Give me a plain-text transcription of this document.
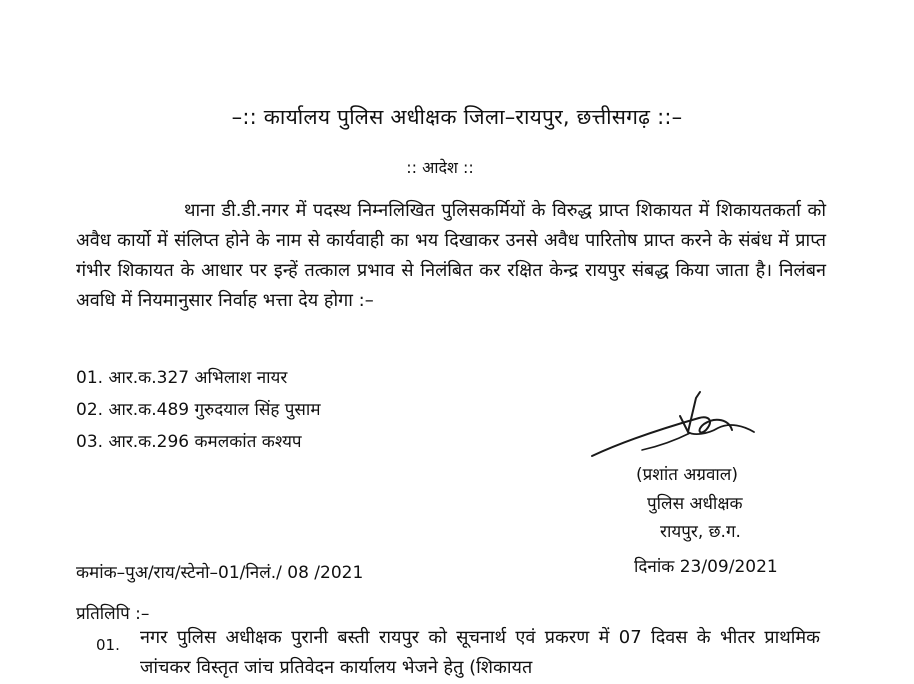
–:: कार्यालय पुलिस अधीक्षक जिला–रायपुर, छत्तीसगढ़ ::–
:: आदेश ::
थाना डी.डी.नगर में पदस्थ निम्नलिखित पुलिसकर्मियों के विरुद्ध प्राप्त शिकायत में शिकायतकर्ता को अवैध कार्यो में संलिप्त होने के नाम से कार्यवाही का भय दिखाकर उनसे अवैध पारितोष प्राप्त करने के संबंध में प्राप्त गंभीर शिकायत के आधार पर इन्हें तत्काल प्रभाव से निलंबित कर रक्षित केन्द्र रायपुर संबद्ध किया जाता है। निलंबन अवधि में नियमानुसार निर्वाह भत्ता देय होगा :–
01. आर.क.327 अभिलाश नायर
02. आर.क.489 गुरुदयाल सिंह पुसाम
03. आर.क.296 कमलकांत कश्यप
(प्रशांत अग्रवाल)
पुलिस अधीक्षक
रायपुर, छ.ग.
कमांक–पुअ/राय/स्टेनो–01/निलं./ 08 /2021	दिनांक 23/09/2021
प्रतिलिपि :–
01. नगर पुलिस अधीक्षक पुरानी बस्ती रायपुर को सूचनार्थ एवं प्रकरण में 07 दिवस के भीतर प्राथमिक जांचकर विस्तृत जांच प्रतिवेदन कार्यालय भेजने हेतु (शिकायत
